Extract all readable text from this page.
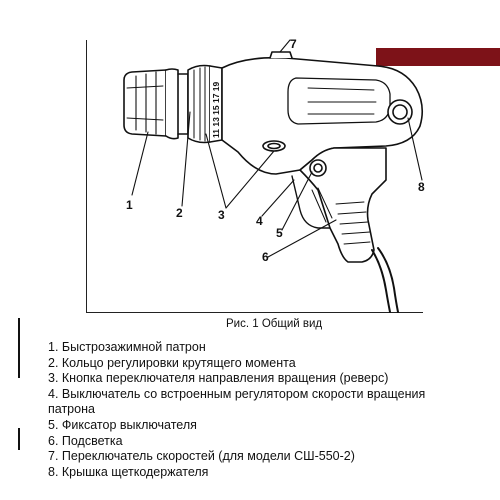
11 13 15 17 19
1
2	3	4
5
6
7
8
Рис. 1 Общий вид
1. Быстрозажимной патрон
2. Кольцо регулировки крутящего момента
3. Кнопка переключателя направления вращения (реверс)
4. Выключатель со встроенным регулятором скорости вращения
патрона
5. Фиксатор выключателя
6. Подсветка
7. Переключатель скоростей (для модели СШ-550-2)
8. Крышка щеткодержателя
